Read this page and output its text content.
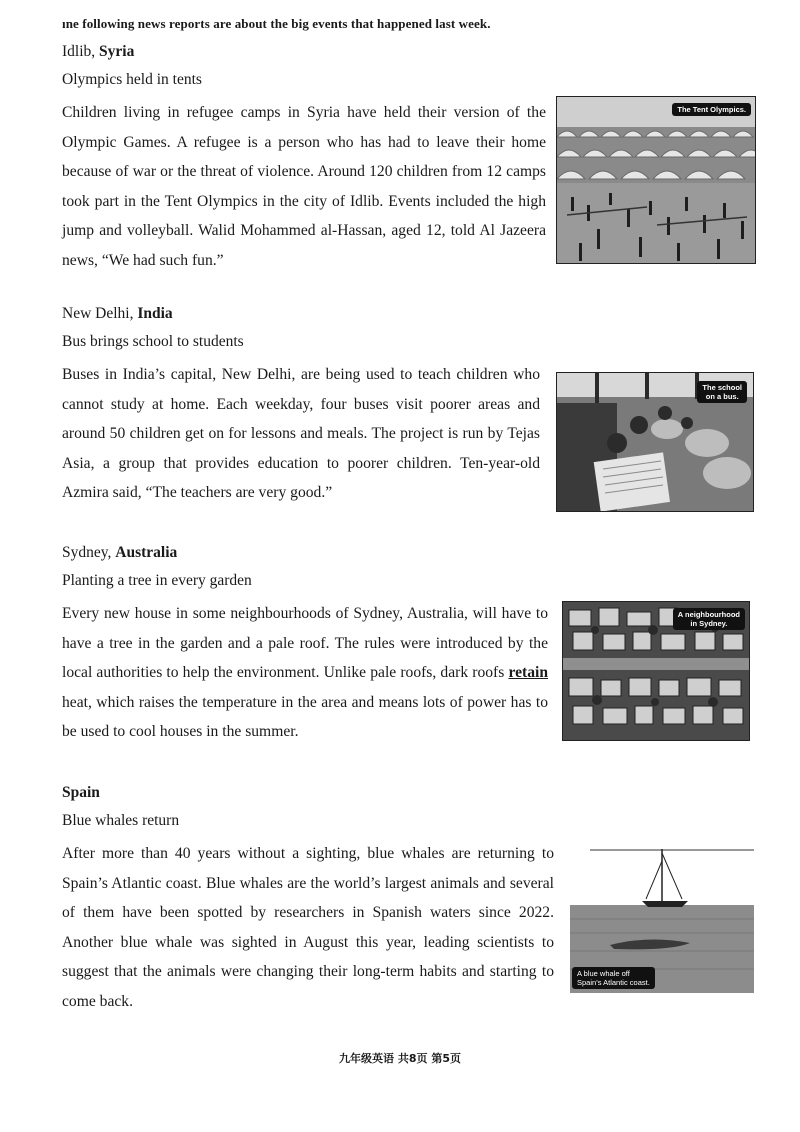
ıne following news reports are about the big events that happened last week.
Idlib, Syria
Olympics held in tents
Children living in refugee camps in Syria have held their version of the Olympic Games. A refugee is a person who has had to leave their home because of war or the threat of violence. Around 120 children from 12 camps took part in the Tent Olympics in the city of Idlib. Events included the high jump and volleyball. Walid Mohammed al-Hassan, aged 12, told Al Jazeera news, “We had such fun.”
The Tent Olympics.
New Delhi, India
Bus brings school to students
Buses in India’s capital, New Delhi, are being used to teach children who cannot study at home. Each weekday, four buses visit poorer areas and around 50 children get on for lessons and meals. The project is run by Tejas Asia, a group that provides education to poorer children. Ten-year-old Azmira said, “The teachers are very good.”
The school
on a bus.
Sydney, Australia
Planting a tree in every garden
Every new house in some neighbourhoods of Sydney, Australia, will have to have a tree in the garden and a pale roof. The rules were introduced by the local authorities to help the environment. Unlike pale roofs, dark roofs retain heat, which raises the temperature in the area and means lots of power has to be used to cool houses in the summer.
A neighbourhood
in Sydney.
Spain
Blue whales return
After more than 40 years without a sighting, blue whales are returning to Spain’s Atlantic coast. Blue whales are the world’s largest animals and several of them have been spotted by researchers in Spanish waters since 2022. Another blue whale was sighted in August this year, leading scientists to suggest that the animals were changing their long-term habits and starting to come back.
A blue whale off
Spain’s Atlantic coast.
九年级英语 共8页 第5页
